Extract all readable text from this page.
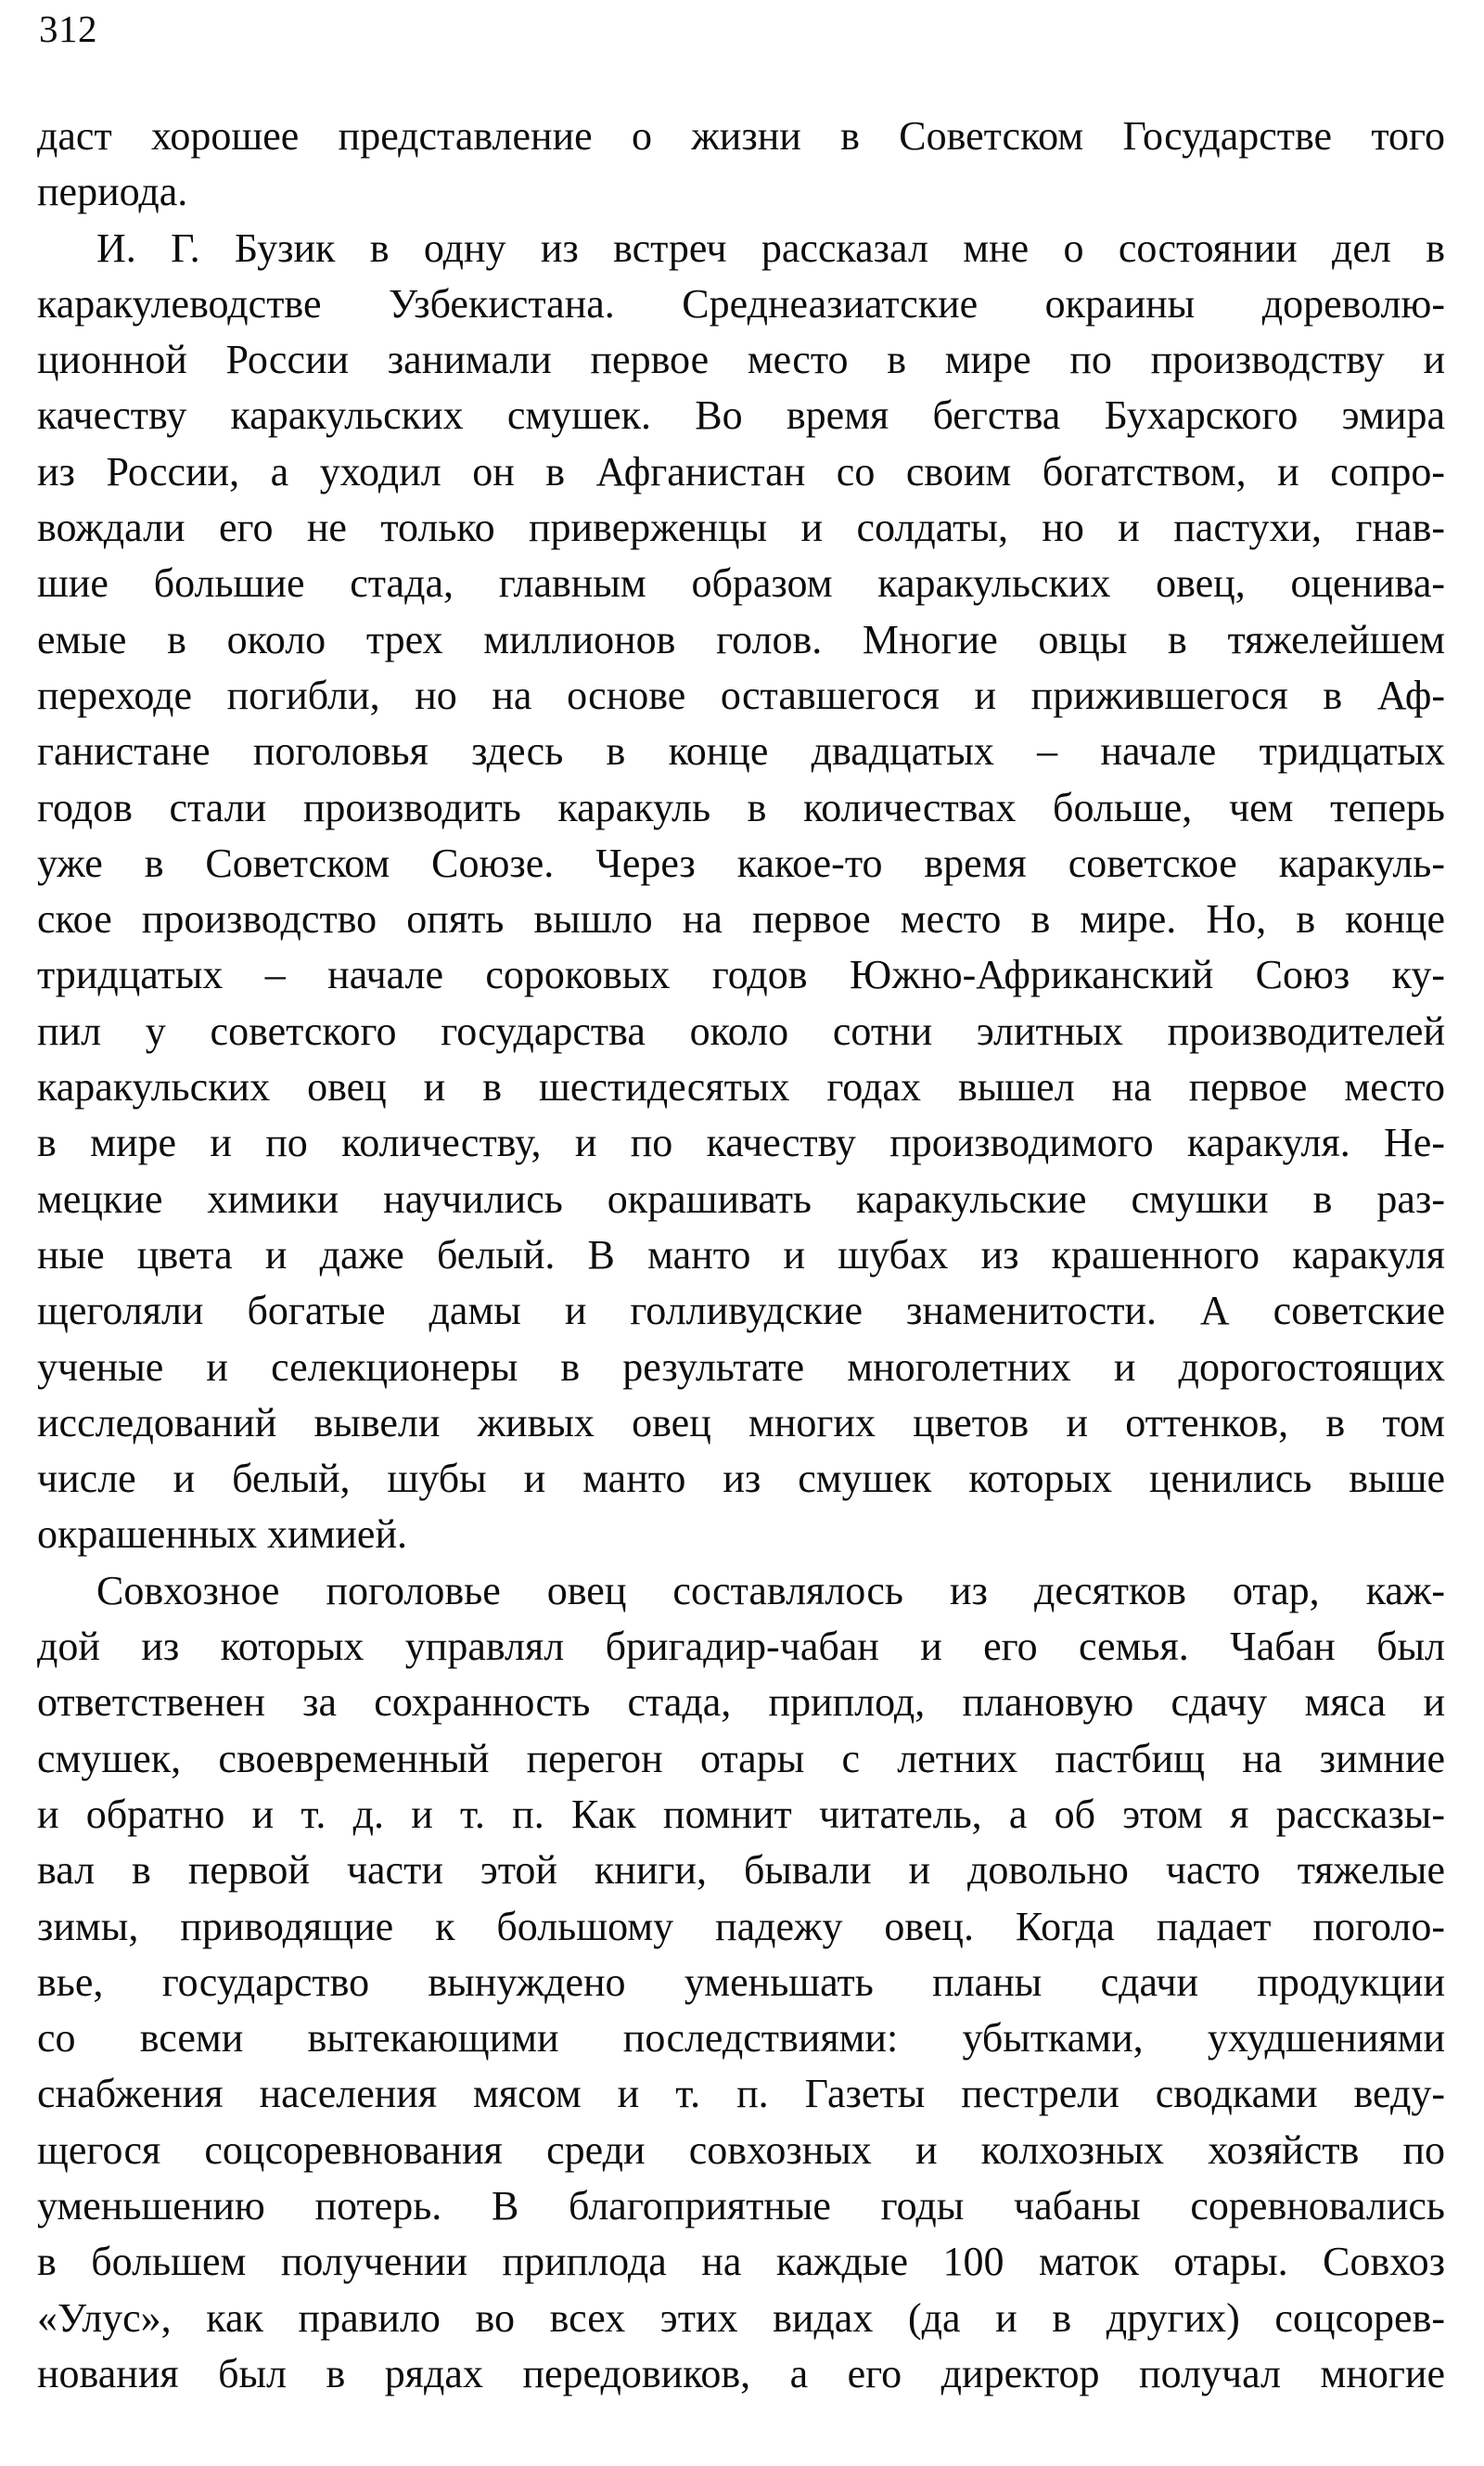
312
даст хорошее представление о жизни в Советском Государстве того
периода.
И. Г. Бузик в одну из встреч рассказал мне о состоянии дел в
каракулеводстве Узбекистана. Среднеазиатские окраины дореволю-
ционной России занимали первое место в мире по производству и
качеству каракульских смушек. Во время бегства Бухарского эмира
из России, а уходил он в Афганистан со своим богатством, и сопро-
вождали его не только приверженцы и солдаты, но и пастухи, гнав-
шие большие стада, главным образом каракульских овец, оценива-
емые в около трех миллионов голов. Многие овцы в тяжелейшем
переходе погибли, но на основе оставшегося и прижившегося в Аф-
ганистане поголовья здесь в конце двадцатых – начале тридцатых
годов стали производить каракуль в количествах больше, чем теперь
уже в Советском Союзе. Через какое-то время советское каракуль-
ское производство опять вышло на первое место в мире. Но, в конце
тридцатых – начале сороковых годов Южно-Африканский Союз ку-
пил у советского государства около сотни элитных производителей
каракульских овец и в шестидесятых годах вышел на первое место
в мире и по количеству, и по качеству производимого каракуля. Не-
мецкие химики научились окрашивать каракульские смушки в раз-
ные цвета и даже белый. В манто и шубах из крашенного каракуля
щеголяли богатые дамы и голливудские знаменитости. А советские
ученые и селекционеры в результате многолетних и дорогостоящих
исследований вывели живых овец многих цветов и оттенков, в том
числе и белый, шубы и манто из смушек которых ценились выше
окрашенных химией.
Совхозное поголовье овец составлялось из десятков отар, каж-
дой из которых управлял бригадир-чабан и его семья. Чабан был
ответственен за сохранность стада, приплод, плановую сдачу мяса и
смушек, своевременный перегон отары с летних пастбищ на зимние
и обратно и т. д. и т. п. Как помнит читатель, а об этом я рассказы-
вал в первой части этой книги, бывали и довольно часто тяжелые
зимы, приводящие к большому падежу овец. Когда падает поголо-
вье, государство вынуждено уменьшать планы сдачи продукции
со всеми вытекающими последствиями: убытками, ухудшениями
снабжения населения мясом и т. п. Газеты пестрели сводками веду-
щегося соцсоревнования среди совхозных и колхозных хозяйств по
уменьшению потерь. В благоприятные годы чабаны соревновались
в большем получении приплода на каждые 100 маток отары. Совхоз
«Улус», как правило во всех этих видах (да и в других) соцсорев-
нования был в рядах передовиков, а его директор получал многие
